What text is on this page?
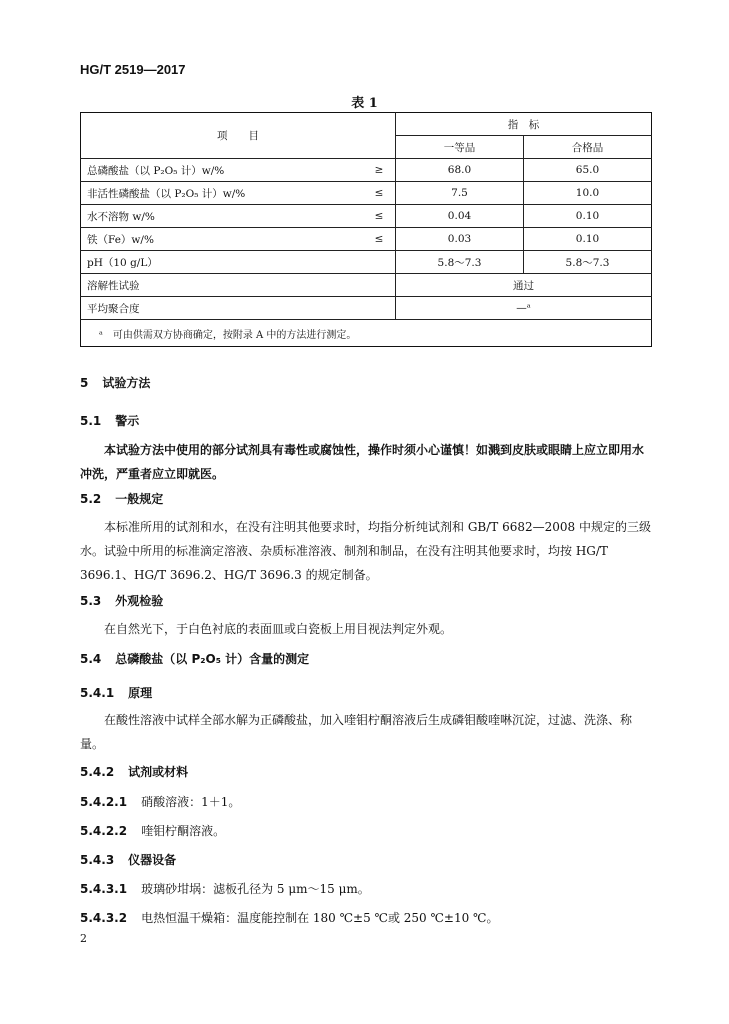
HG/T 2519—2017
表 1
项　　目		指　标	
		一等品	合格品
总磷酸盐（以 P₂O₅ 计）w/%	≥	68.0	65.0
非活性磷酸盐（以 P₂O₅ 计）w/%	≤	7.5	10.0
水不溶物 w/%	≤	0.04	0.10
铁（Fe）w/%	≤	0.03	0.10
pH（10 g/L）		5.8～7.3	5.8～7.3
溶解性试验		通过	
平均聚合度		—ᵃ	
ᵃ　可由供需双方协商确定，按附录 A 中的方法进行测定。			
5 试验方法
5.1 警示
本试验方法中使用的部分试剂具有毒性或腐蚀性，操作时须小心谨慎！如溅到皮肤或眼睛上应立即用水冲洗，严重者应立即就医。
5.2 一般规定
本标准所用的试剂和水，在没有注明其他要求时，均指分析纯试剂和 GB/T 6682—2008 中规定的三级水。试验中所用的标准滴定溶液、杂质标准溶液、制剂和制品，在没有注明其他要求时，均按 HG/T 3696.1、HG/T 3696.2、HG/T 3696.3 的规定制备。
5.3 外观检验
在自然光下，于白色衬底的表面皿或白瓷板上用目视法判定外观。
5.4 总磷酸盐（以 P₂O₅ 计）含量的测定
5.4.1 原理
在酸性溶液中试样全部水解为正磷酸盐，加入喹钼柠酮溶液后生成磷钼酸喹啉沉淀，过滤、洗涤、称量。
5.4.2 试剂或材料
5.4.2.1 硝酸溶液：1＋1。
5.4.2.2 喹钼柠酮溶液。
5.4.3 仪器设备
5.4.3.1 玻璃砂坩埚：滤板孔径为 5 μm～15 μm。
5.4.3.2 电热恒温干燥箱：温度能控制在 180 ℃±5 ℃或 250 ℃±10 ℃。
2
